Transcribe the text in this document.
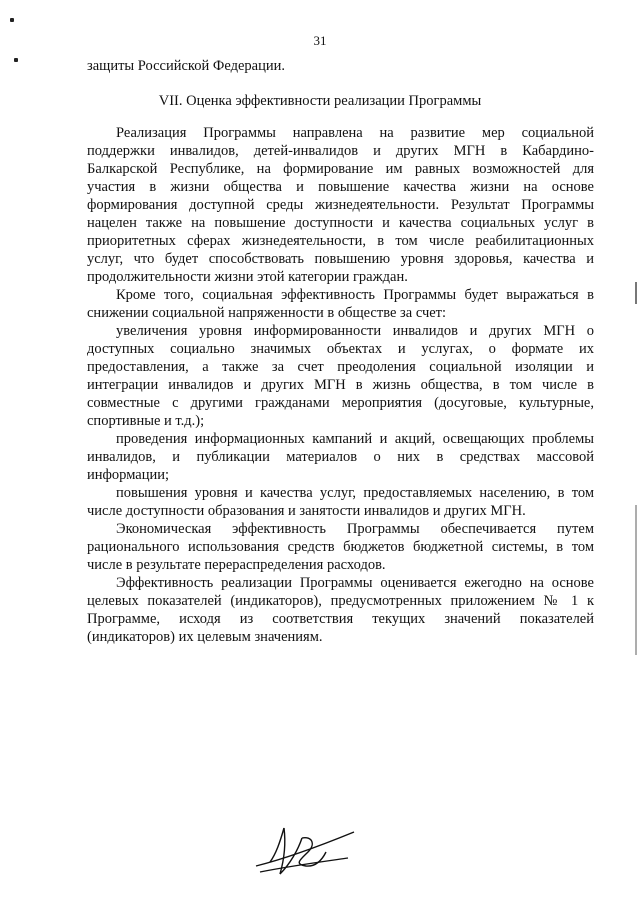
31
защиты Российской Федерации.
VII. Оценка эффективности реализации Программы
Реализация Программы направлена на развитие мер социальной
поддержки инвалидов, детей-инвалидов и других МГН в Кабардино-
Балкарской Республике, на формирование им равных возможностей для
участия в жизни общества и повышение качества жизни на основе
формирования доступной среды жизнедеятельности. Результат Программы
нацелен также на повышение доступности и качества социальных услуг в
приоритетных сферах жизнедеятельности, в том числе реабилитационных
услуг, что будет способствовать повышению уровня здоровья, качества и
продолжительности жизни этой категории граждан.
Кроме того, социальная эффективность Программы будет выражаться в
снижении социальной напряженности в обществе за счет:
увеличения уровня информированности инвалидов и других МГН о
доступных социально значимых объектах и услугах, о формате их
предоставления, а также за счет преодоления социальной изоляции и
интеграции инвалидов и других МГН в жизнь общества, в том числе в
совместные с другими гражданами мероприятия (досуговые, культурные,
спортивные и т.д.);
проведения информационных кампаний и акций, освещающих проблемы
инвалидов, и публикации материалов о них в средствах массовой
информации;
повышения уровня и качества услуг, предоставляемых населению, в том
числе доступности образования и занятости инвалидов и других МГН.
Экономическая эффективность Программы обеспечивается путем
рационального использования средств бюджетов бюджетной системы, в том
числе в результате перераспределения расходов.
Эффективность реализации Программы оценивается ежегодно на основе
целевых показателей (индикаторов), предусмотренных приложением № 1 к
Программе, исходя из соответствия текущих значений показателей
(индикаторов) их целевым значениям.
